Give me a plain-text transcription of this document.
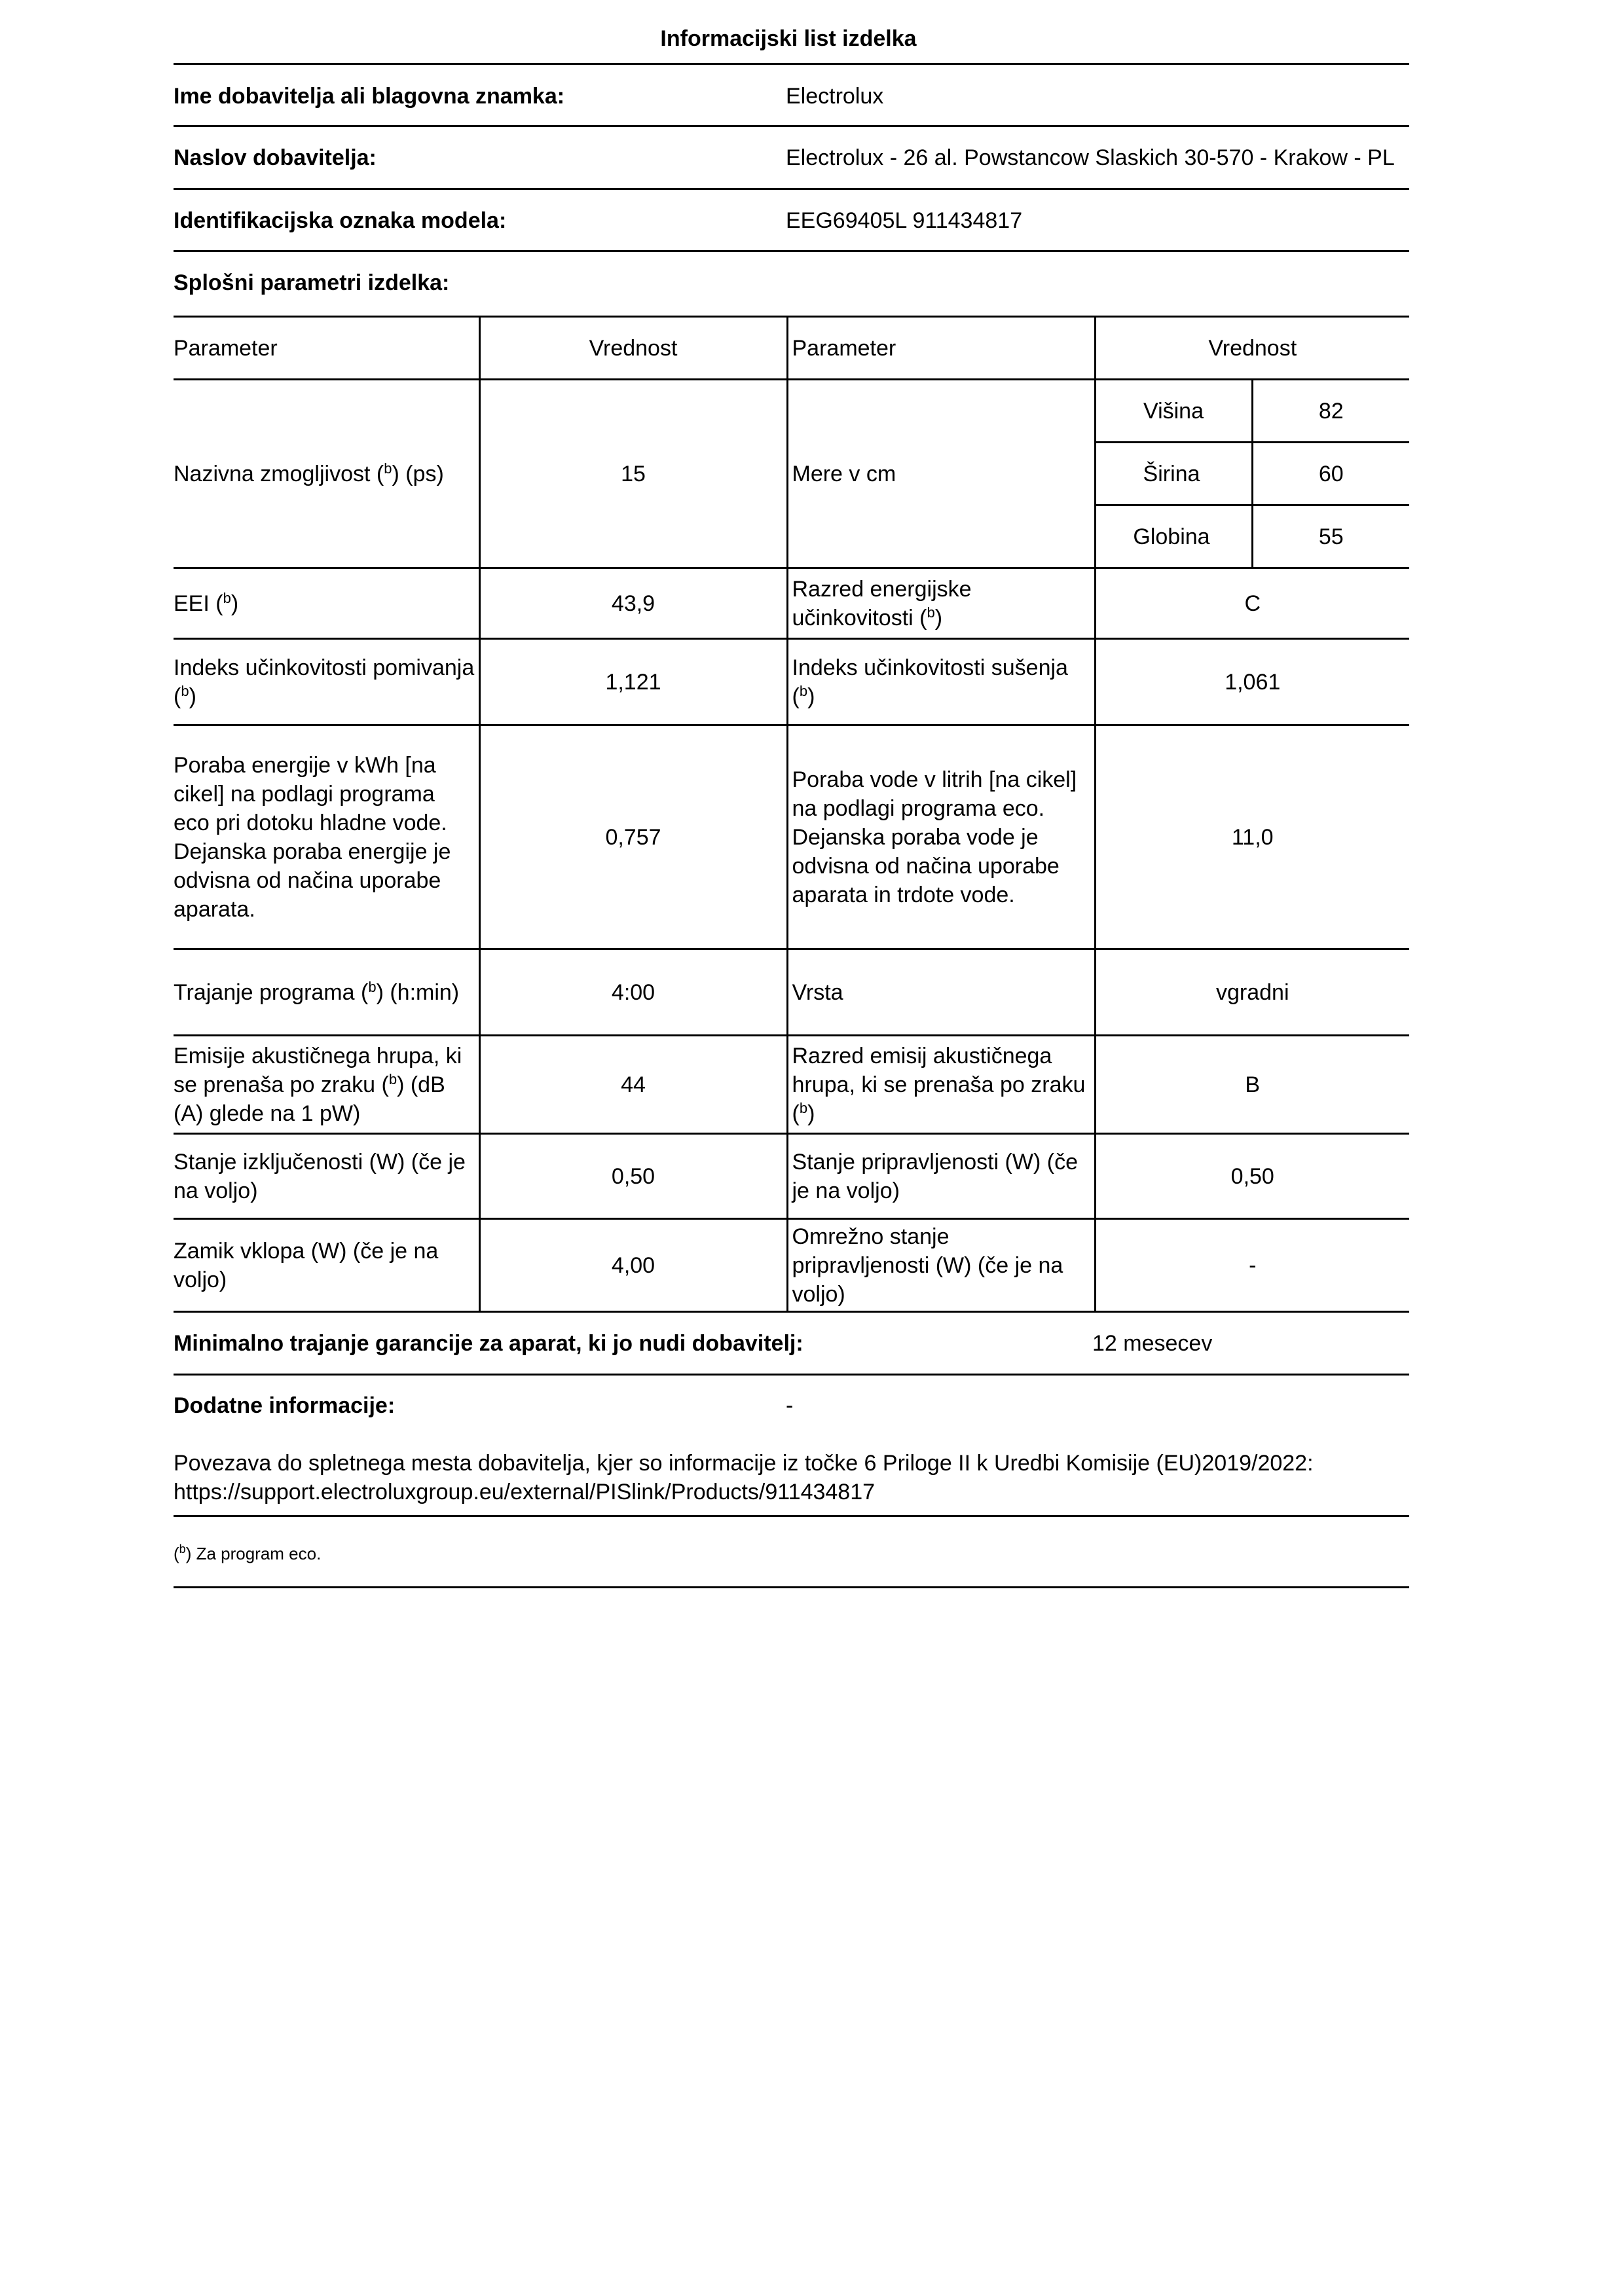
Informacijski list izdelka
Ime dobavitelja ali blagovna znamka:	Electrolux
Naslov dobavitelja:	Electrolux - 26 al. Powstancow Slaskich 30-570 - Krakow - PL
Identifikacijska oznaka modela:	EEG69405L 911434817
Splošni parametri izdelka:
Parameter	Vrednost	Parameter	Vrednost	
Nazivna zmogljivost ($^b$) (ps)	15	Mere v cm	Višina	82
			Širina	60
			Globina	55
EEI ($^b$)	43,9	Razred energijske učinkovitosti ($^b$)	C	
Indeks učinkovitosti pomivanja ($^b$)	1,121	Indeks učinkovitosti sušenja ($^b$)	1,061	
Poraba energije v kWh [na cikel] na podlagi programa eco pri dotoku hladne vode. Dejanska poraba energije je odvisna od načina uporabe aparata.	0,757	Poraba vode v litrih [na cikel] na podlagi programa eco. Dejanska poraba vode je odvisna od načina uporabe aparata in trdote vode.	11,0	
Trajanje programa ($^b$) (h:min)	4:00	Vrsta	vgradni	
Emisije akustičnega hrupa, ki se prenaša po zraku ($^b$) (dB (A) glede na 1 pW)	44	Razred emisij akustičnega hrupa, ki se prenaša po zraku ($^b$)	B	
Stanje izključenosti (W) (če je na voljo)	0,50	Stanje pripravljenosti (W) (če je na voljo)	0,50	
Zamik vklopa (W) (če je na voljo)	4,00	Omrežno stanje pripravljenosti (W) (če je na voljo)	-	
Minimalno trajanje garancije za aparat, ki jo nudi dobavitelj:	12 mesecev
Dodatne informacije:	-
Povezava do spletnega mesta dobavitelja, kjer so informacije iz točke 6 Priloge II k Uredbi Komisije (EU)2019/2022:
https://support.electroluxgroup.eu/external/PISlink/Products/911434817
($^b$) Za program eco.
